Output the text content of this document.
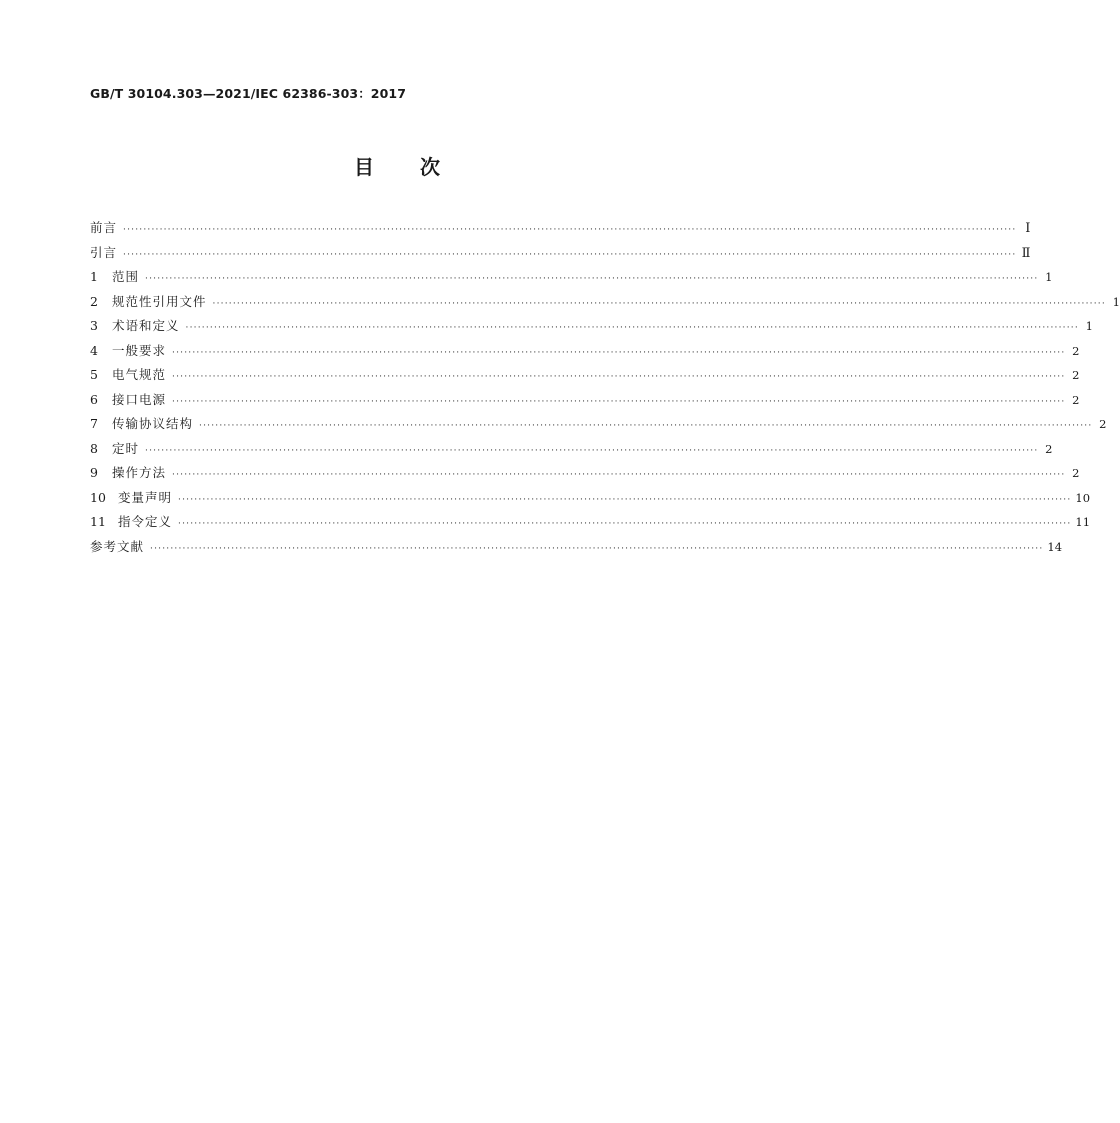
GB/T 30104.303—2021/IEC 62386-303：2017
目 次
前言 ···························································································································································································································· Ⅰ
引言 ···························································································································································································································· Ⅱ
1	范围 ···························································································································································································································· 1
2	规范性引用文件 ···························································································································································································································· 1
3	术语和定义 ···························································································································································································································· 1
4	一般要求 ···························································································································································································································· 2
5	电气规范 ···························································································································································································································· 2
6	接口电源 ···························································································································································································································· 2
7	传输协议结构 ···························································································································································································································· 2
8	定时 ···························································································································································································································· 2
9	操作方法 ···························································································································································································································· 2
10 变量声明 ···························································································································································································································· 10
11 指令定义 ···························································································································································································································· 11
参考文献 ···························································································································································································································· 14
